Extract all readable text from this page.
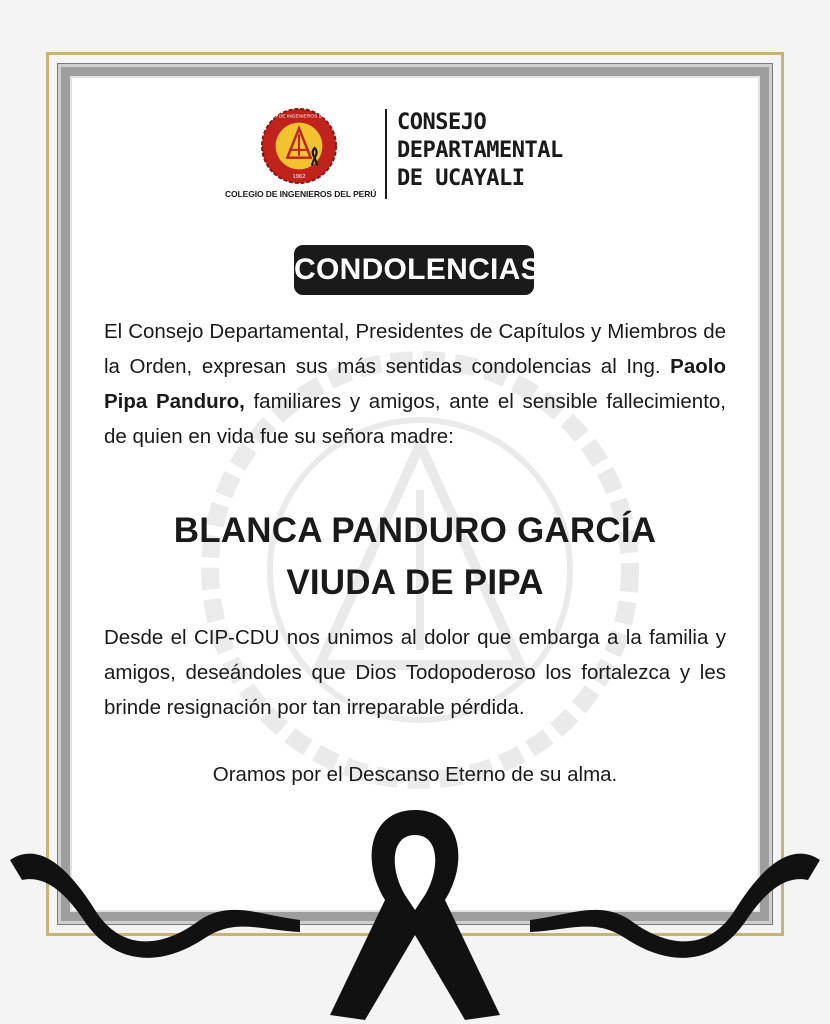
COLEGIO DE INGENIEROS DEL PERÚ
1962
COLEGIO DE INGENIEROS DEL PERÚ
CONSEJO
DEPARTAMENTAL
DE UCAYALI
CONDOLENCIAS
El Consejo Departamental, Presidentes de Capítulos y Miembros de la Orden, expresan sus más sentidas condolencias al Ing. Paolo Pipa Panduro, familiares y amigos, ante el sensible fallecimiento, de quien en vida fue su señora madre:
BLANCA PANDURO GARCÍA
VIUDA DE PIPA
Desde el CIP-CDU nos unimos al dolor que embarga a la familia y amigos, deseándoles que Dios Todopoderoso los fortalezca y les brinde resignación por tan irreparable pérdida.
Oramos por el Descanso Eterno de su alma.
